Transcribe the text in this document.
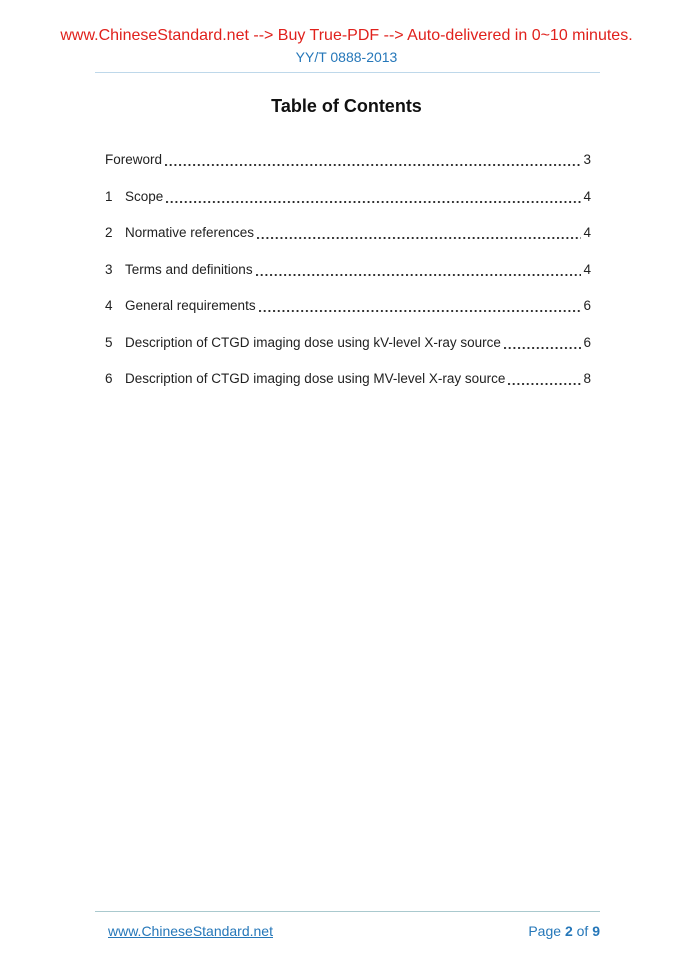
www.ChineseStandard.net --> Buy True-PDF --> Auto-delivered in 0~10 minutes.
YY/T 0888-2013
Table of Contents
Foreword	3
1 Scope	4
2 Normative references	4
3 Terms and definitions	4
4 General requirements	6
5 Description of CTGD imaging dose using kV-level X-ray source	6
6 Description of CTGD imaging dose using MV-level X-ray source	8
www.ChineseStandard.net	Page 2 of 9
